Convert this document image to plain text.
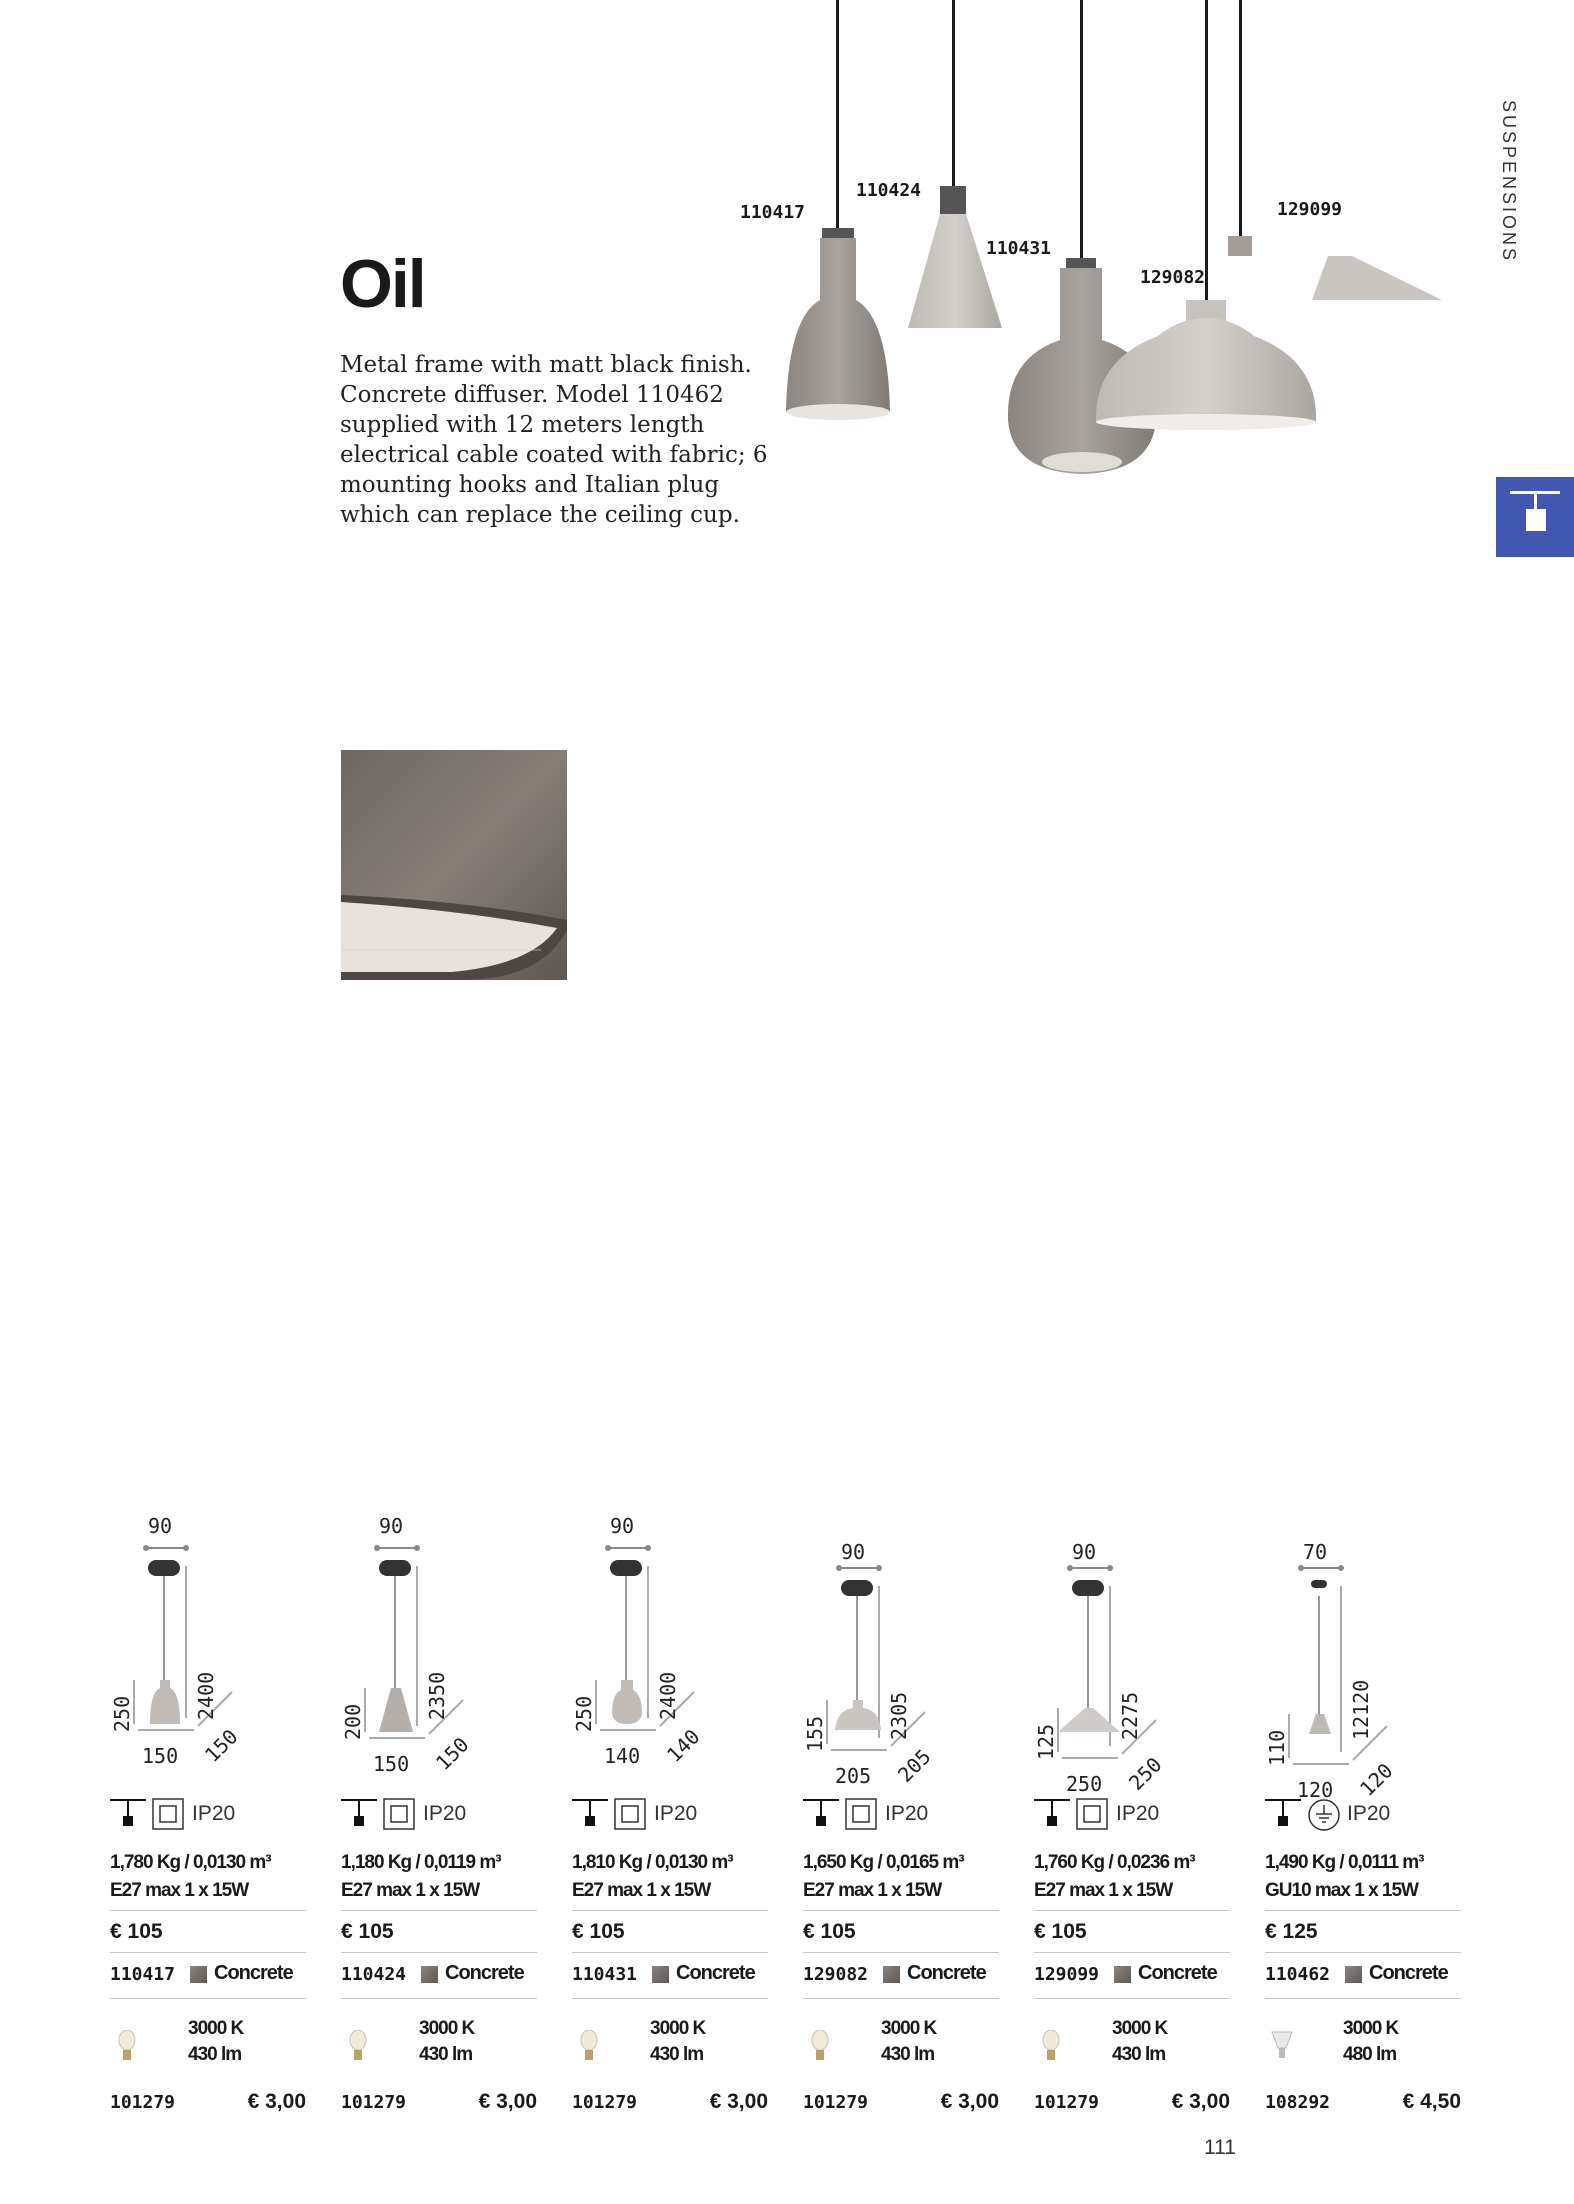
Oil
Metal frame with matt black finish. Concrete diffuser. Model 110462 supplied with 12 meters length electrical cable coated with fabric; 6 mounting hooks and Italian plug which can replace the ceiling cup.
SUSPENSIONS
110417
110424
110431
129082
129099
90
2400
250
150 150
IP20
1,780 Kg / 0,0130 m³
E27 max 1 x 15W
€ 105
110417 Concrete
3000 K
430 lm
101279	€ 3,00
90
2350
200
150 150
IP20
1,180 Kg / 0,0119 m³
E27 max 1 x 15W
€ 105
110424 Concrete
3000 K
430 lm
101279	€ 3,00
90
2400
250
140 140
IP20
1,810 Kg / 0,0130 m³
E27 max 1 x 15W
€ 105
110431 Concrete
3000 K
430 lm
101279	€ 3,00
90
2305
155
205 205
IP20
1,650 Kg / 0,0165 m³
E27 max 1 x 15W
€ 105
129082 Concrete
3000 K
430 lm
101279	€ 3,00
90
2275
125
250 250
IP20
1,760 Kg / 0,0236 m³
E27 max 1 x 15W
€ 105
129099 Concrete
3000 K
430 lm
101279	€ 3,00
70
12120
110
120 120
IP20
1,490 Kg / 0,0111 m³
GU10 max 1 x 15W
€ 125
110462 Concrete
3000 K
480 lm
108292	€ 4,50
111
